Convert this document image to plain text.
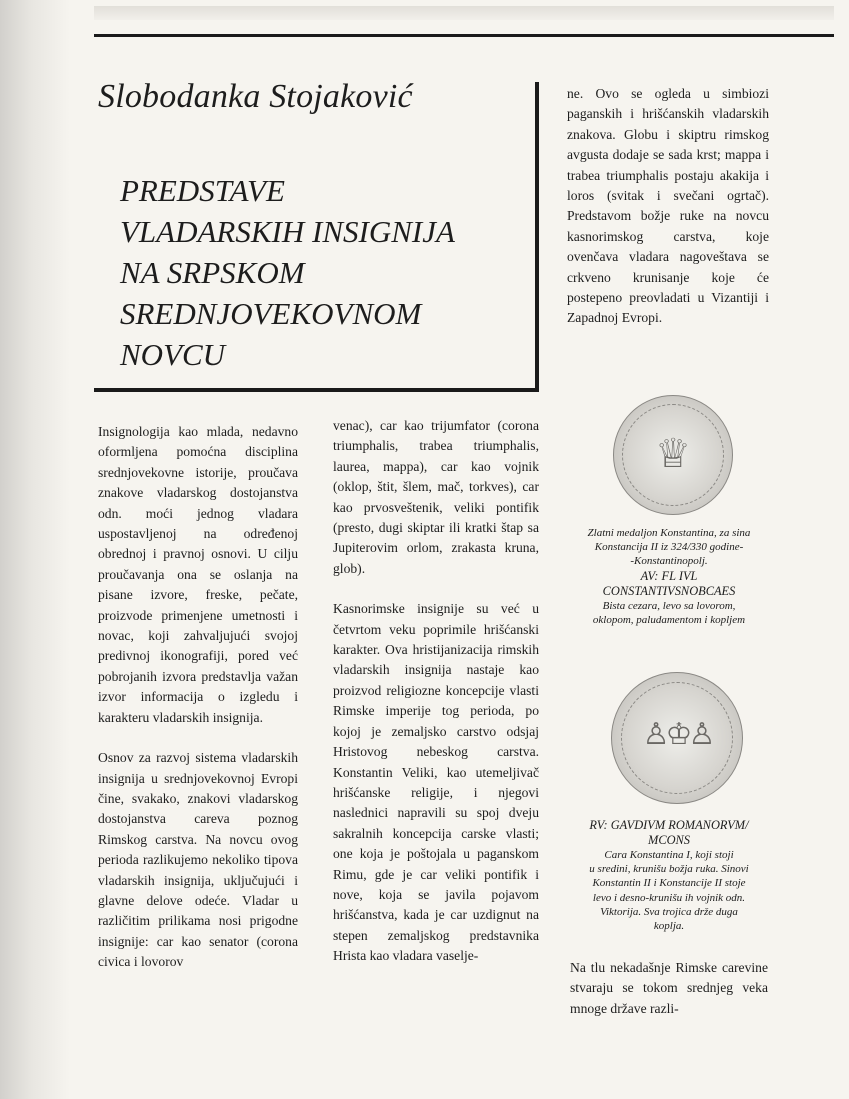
Slobodanka Stojaković
PREDSTAVE
VLADARSKIH INSIGNIJA
NA SRPSKOM
SREDNJOVEKOVNOM
NOVCU

Insignologija kao mlada, nedavno oformljena pomoćna disciplina srednjovekovne istorije, proučava znakove vladarskog dostojanstva odn. moći jednog vladara uspostavljenoj na određenoj obrednoj i pravnoj osnovi. U cilju proučavanja ona se oslanja na pisane izvore, freske, pečate, proizvode primenjene umetnosti i novac, koji zahvaljujući svojoj predivnoj ikonografiji, pored već pobrojanih izvora predstavlja važan izvor informacija o izgledu i karakteru vladarskih insignija.

Osnov za razvoj sistema vladarskih insignija u srednjovekovnoj Evropi čine, svakako, znakovi vladarskog dostojanstva careva poznog Rimskog carstva. Na novcu ovog perioda razlikujemo nekoliko tipova vladarskih insignija, uključujući i glavne delove odeće. Vladar u različitim prilikama nosi prigodne insignije: car kao senator (corona civica i lovorov

venac), car kao trijumfator (corona triumphalis, trabea triumphalis, laurea, mappa), car kao vojnik (oklop, štit, šlem, mač, torkves), car kao prvosveštenik, veliki pontifik (presto, dugi skiptar ili kratki štap sa Jupiterovim orlom, zrakasta kruna, glob).

Kasnorimske insignije su već u četvrtom veku poprimile hrišćanski karakter. Ova hristijanizacija rimskih vladarskih insignija nastaje kao proizvod religiozne koncepcije vlasti Rimske imperije tog perioda, po kojoj je zemaljsko carstvo odsjaj Hristovog nebeskog carstva. Konstantin Veliki, kao utemeljivač hrišćanske religije, i njegovi naslednici napravili su spoj dveju sakralnih koncepcija carske vlasti; one koja je poštojala u paganskom Rimu, gde je car veliki pontifik i nove, koja se javila pojavom hrišćanstva, kada je car uzdignut na stepen zemaljskog predstavnika Hrista kao vladara vaselje-

ne. Ovo se ogleda u simbiozi paganskih i hrišćanskih vladarskih znakova. Globu i skiptru rimskog avgusta dodaje se sada krst; mappa i trabea triumphalis postaju akakija i loros (svitak i svečani ogrtač). Predstavom božje ruke na novcu kasnorimskog carstva, koje ovenčava vladara nagoveštava se crkveno krunisanje koje će postepeno preovladati u Vizantiji i Zapadnoj Evropi.

♕

Zlatni medaljon Konstantina, za sina

Konstancija II iz 324/330 godine-

-Konstantinopolj.

AV: FL IVL

CONSTANTIVSNOBCAES

Bista cezara, levo sa lovorom,

oklopom, paludamentom i kopljem

♙♔♙

RV: GAVDIVM ROMANORVM/

MCONS

Cara Konstantina I, koji stoji

u sredini, krunišu božja ruka. Sinovi

Konstantin II i Konstancije II stoje

levo i desno-krunišu ih vojnik odn.

Viktorija. Sva trojica drže duga

koplja.

Na tlu nekadašnje Rimske carevine stvaraju se tokom srednjeg veka mnoge države razli-
